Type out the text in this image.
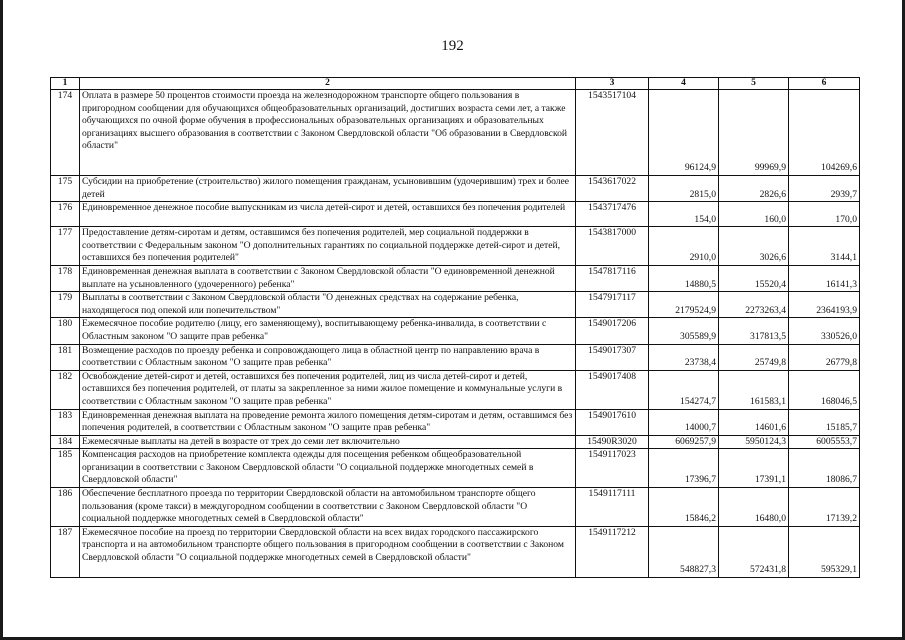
192
1	2	3	4	5	6
174	Оплата в размере 50 процентов стоимости проезда на железнодорожном транспорте общего пользования в пригородном сообщении для обучающихся общеобразовательных организаций, достигших возраста семи лет, а также обучающихся по очной форме обучения в профессиональных образовательных организациях и образовательных организациях высшего образования в соответствии с Законом Свердловской области "Об образовании в Свердловской области"	1543517104	96124,9	99969,9	104269,6
175	Субсидии на приобретение (строительство) жилого помещения гражданам, усыновившим (удочерившим) трех и более детей	1543617022	2815,0	2826,6	2939,7
176	Единовременное денежное пособие выпускникам из числа детей-сирот и детей, оставшихся без попечения родителей	1543717476	154,0	160,0	170,0
177	Предоставление детям-сиротам и детям, оставшимся без попечения родителей, мер социальной поддержки в соответствии с Федеральным законом "О дополнительных гарантиях по социальной поддержке детей-сирот и детей, оставшихся без попечения родителей"	1543817000	2910,0	3026,6	3144,1
178	Единовременная денежная выплата в соответствии с Законом Свердловской области "О единовременной денежной выплате на усыновленного (удочеренного) ребенка"	1547817116	14880,5	15520,4	16141,3
179	Выплаты в соответствии с Законом Свердловской области "О денежных средствах на содержание ребенка, находящегося под опекой или попечительством"	1547917117	2179524,9	2273263,4	2364193,9
180	Ежемесячное пособие родителю (лицу, его заменяющему), воспитывающему ребенка-инвалида, в соответствии с Областным законом "О защите прав ребенка"	1549017206	305589,9	317813,5	330526,0
181	Возмещение расходов по проезду ребенка и сопровождающего лица в областной центр по направлению врача в соответствии с Областным законом "О защите прав ребенка"	1549017307	23738,4	25749,8	26779,8
182	Освобождение детей-сирот и детей, оставшихся без попечения родителей, лиц из числа детей-сирот и детей, оставшихся без попечения родителей, от платы за закрепленное за ними жилое помещение и коммунальные услуги в соответствии с Областным законом "О защите прав ребенка"	1549017408	154274,7	161583,1	168046,5
183	Единовременная денежная выплата на проведение ремонта жилого помещения детям-сиротам и детям, оставшимся без попечения родителей, в соответствии с Областным законом "О защите прав ребенка"	1549017610	14000,7	14601,6	15185,7
184	Ежемесячные выплаты на детей в возрасте от трех до семи лет включительно	15490R3020	6069257,9	5950124,3	6005553,7
185	Компенсация расходов на приобретение комплекта одежды для посещения ребенком общеобразовательной организации в соответствии с Законом Свердловской области "О социальной поддержке многодетных семей в Свердловской области"	1549117023	17396,7	17391,1	18086,7
186	Обеспечение бесплатного проезда по территории Свердловской области на автомобильном транспорте общего пользования (кроме такси) в междугородном сообщении в соответствии с Законом Свердловской области "О социальной поддержке многодетных семей в Свердловской области"	1549117111	15846,2	16480,0	17139,2
187	Ежемесячное пособие на проезд по территории Свердловской области на всех видах городского пассажирского транспорта и на автомобильном транспорте общего пользования в пригородном сообщении в соответствии с Законом Свердловской области "О социальной поддержке многодетных семей в Свердловской области"	1549117212	548827,3	572431,8	595329,1
